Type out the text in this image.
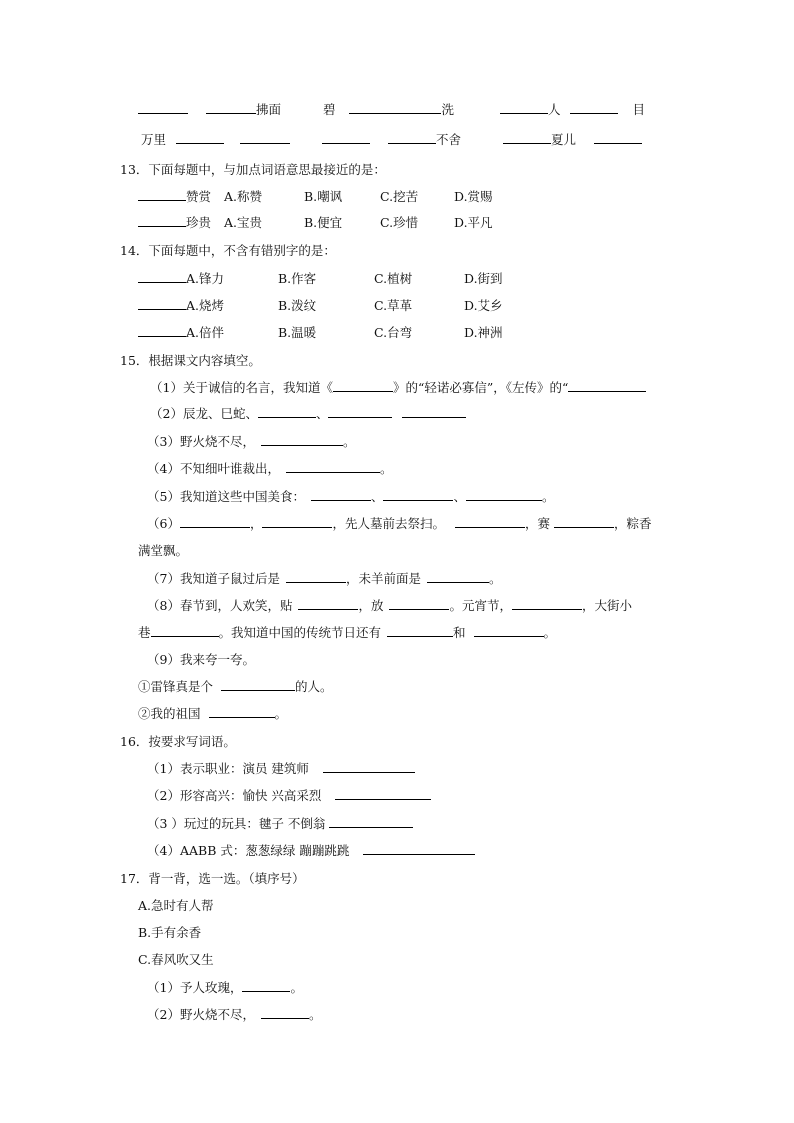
拂面	碧	洗	人	目
万里	不舍	夏儿
13．下面每题中，与加点词语意思最接近的是：
赞赏 A.称赞	B.嘲讽	C.挖苦	D.赏赐
珍贵 A.宝贵	B.便宜	C.珍惜	D.平凡
14．下面每题中，不含有错别字的是：
A.锋力	B.作客	C.植树	D.街到
A.烧烤	B.泼纹	C.草革	D.艾乡
A.倍伴	B.温暖	C.台弯	D.神洲
15．根据课文内容填空。
（1）关于诚信的名言，我知道《	》的“轻诺必寡信”，《左传》的“
（2）辰龙、巳蛇、	、
（3）野火烧不尽，	。
（4）不知细叶谁裁出，	。
（5）我知道这些中国美食：	、	、	。
（6）	，	，先人墓前去祭扫。	，赛	，粽香
满堂飘。
（7）我知道子鼠过后是	，未羊前面是	。
（8）春节到，人欢笑，贴	，放	。元宵节，	，大街小
巷	。我知道中国的传统节日还有	和	。
（9）我来夸一夸。
①雷锋真是个	的人。
②我的祖国	。
16．按要求写词语。
（1）表示职业：演员 建筑师
（2）形容高兴：愉快 兴高采烈
（3 ）玩过的玩具：毽子 不倒翁
（4）AABB 式：葱葱绿绿 蹦蹦跳跳
17．背一背，选一选。（填序号）
A.急时有人帮
B.手有余香
C.春风吹又生
（1）予人玫瑰，	。
（2）野火烧不尽，	。
